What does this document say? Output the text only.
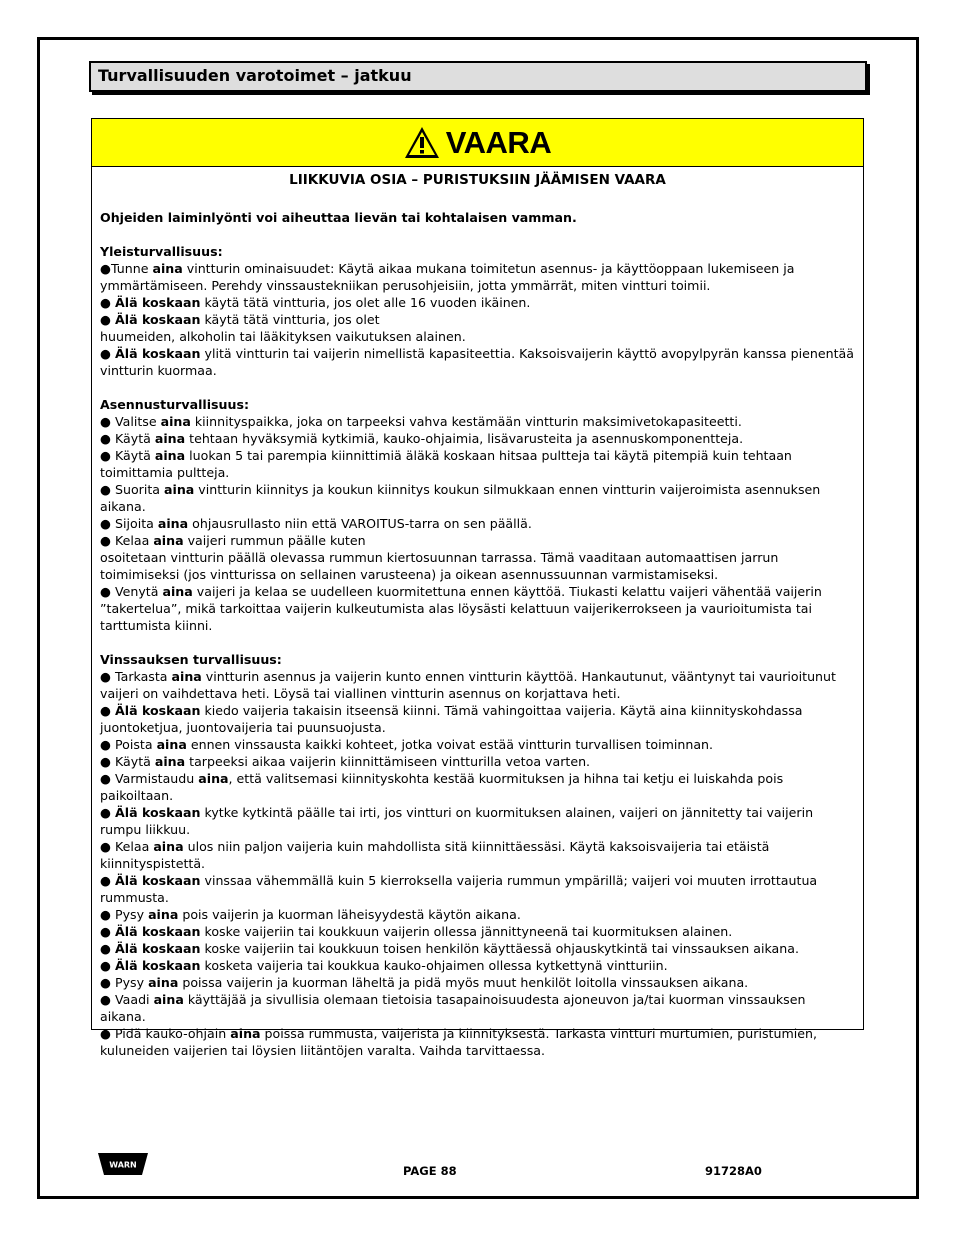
Turvallisuuden varotoimet – jatkuu
VAARA
LIIKKUVIA OSIA – PURISTUKSIIN JÄÄMISEN VAARA
Ohjeiden laiminlyönti voi aiheuttaa lievän tai kohtalaisen vamman.
Yleisturvallisuus:
●Tunne aina vintturin ominaisuudet: Käytä aikaa mukana toimitetun asennus- ja käyttöoppaan lukemiseen ja ymmärtämiseen. Perehdy vinssaustekniikan perusohjeisiin, jotta ymmärrät, miten vintturi toimii.
● Älä koskaan käytä tätä vintturia, jos olet alle 16 vuoden ikäinen.
● Älä koskaan käytä tätä vintturia, jos olet
huumeiden, alkoholin tai lääkityksen vaikutuksen alainen.
● Älä koskaan ylitä vintturin tai vaijerin nimellistä kapasiteettia. Kaksoisvaijerin käyttö avopylpyrän kanssa pienentää vintturin kuormaa.
Asennusturvallisuus:
● Valitse aina kiinnityspaikka, joka on tarpeeksi vahva kestämään vintturin maksimivetokapasiteetti.
● Käytä aina tehtaan hyväksymiä kytkimiä, kauko-ohjaimia, lisävarusteita ja asennuskomponentteja.
● Käytä aina luokan 5 tai parempia kiinnittimiä äläkä koskaan hitsaa pultteja tai käytä pitempiä kuin tehtaan toimittamia pultteja.
● Suorita aina vintturin kiinnitys ja koukun kiinnitys koukun silmukkaan ennen vintturin vaijeroimista asennuksen aikana.
● Sijoita aina ohjausrullasto niin että VAROITUS-tarra on sen päällä.
● Kelaa aina vaijeri rummun päälle kuten
osoitetaan vintturin päällä olevassa rummun kiertosuunnan tarrassa. Tämä vaaditaan automaattisen jarrun toimimiseksi (jos vintturissa on sellainen varusteena) ja oikean asennussuunnan varmistamiseksi.
● Venytä aina vaijeri ja kelaa se uudelleen kuormitettuna ennen käyttöä. Tiukasti kelattu vaijeri vähentää vaijerin ”takertelua”, mikä tarkoittaa vaijerin kulkeutumista alas löysästi kelattuun vaijerikerrokseen ja vaurioitumista tai tarttumista kiinni.
Vinssauksen turvallisuus:
● Tarkasta aina vintturin asennus ja vaijerin kunto ennen vintturin käyttöä. Hankautunut, vääntynyt tai vaurioitunut vaijeri on vaihdettava heti. Löysä tai viallinen vintturin asennus on korjattava heti.
● Älä koskaan kiedo vaijeria takaisin itseensä kiinni. Tämä vahingoittaa vaijeria. Käytä aina kiinnityskohdassa juontoketjua, juontovaijeria tai puunsuojusta.
● Poista aina ennen vinssausta kaikki kohteet, jotka voivat estää vintturin turvallisen toiminnan.
● Käytä aina tarpeeksi aikaa vaijerin kiinnittämiseen vintturilla vetoa varten.
● Varmistaudu aina, että valitsemasi kiinnityskohta kestää kuormituksen ja hihna tai ketju ei luiskahda pois paikoiltaan.
● Älä koskaan kytke kytkintä päälle tai irti, jos vintturi on kuormituksen alainen, vaijeri on jännitetty tai vaijerin rumpu liikkuu.
● Kelaa aina ulos niin paljon vaijeria kuin mahdollista sitä kiinnittäessäsi. Käytä kaksoisvaijeria tai etäistä kiinnityspistettä.
● Älä koskaan vinssaa vähemmällä kuin 5 kierroksella vaijeria rummun ympärillä; vaijeri voi muuten irrottautua rummusta.
● Pysy aina pois vaijerin ja kuorman läheisyydestä käytön aikana.
● Älä koskaan koske vaijeriin tai koukkuun vaijerin ollessa jännittyneenä tai kuormituksen alainen.
● Älä koskaan koske vaijeriin tai koukkuun toisen henkilön käyttäessä ohjauskytkintä tai vinssauksen aikana.
● Älä koskaan kosketa vaijeria tai koukkua kauko-ohjaimen ollessa kytkettynä vintturiin.
● Pysy aina poissa vaijerin ja kuorman läheltä ja pidä myös muut henkilöt loitolla vinssauksen aikana.
● Vaadi aina käyttäjää ja sivullisia olemaan tietoisia tasapainoisuudesta ajoneuvon ja/tai kuorman vinssauksen aikana.
● Pidä kauko-ohjain aina poissa rummusta, vaijerista ja kiinnityksestä. Tarkasta vintturi murtumien, puristumien, kuluneiden vaijerien tai löysien liitäntöjen varalta. Vaihda tarvittaessa.
WARN	PAGE 88	91728A0
